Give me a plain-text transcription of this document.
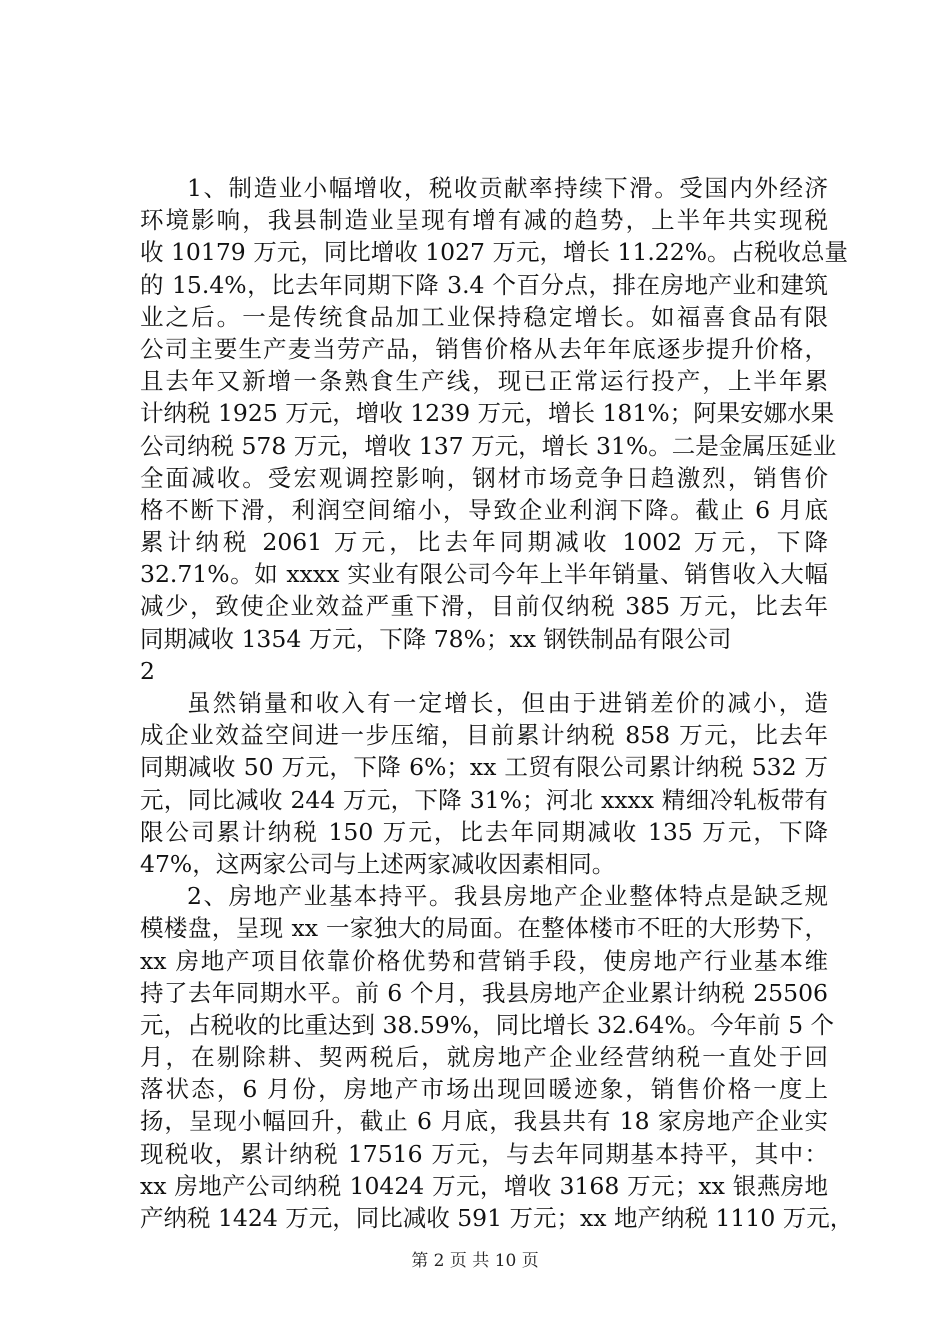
1、制造业小幅增收，税收贡献率持续下滑。受国内外经济
环境影响，我县制造业呈现有增有减的趋势，上半年共实现税
收 10179 万元，同比增收 1027 万元，增长 11.22%。占税收总量
的 15.4%，比去年同期下降 3.4 个百分点，排在房地产业和建筑
业之后。一是传统食品加工业保持稳定增长。如福喜食品有限
公司主要生产麦当劳产品，销售价格从去年年底逐步提升价格，
且去年又新增一条熟食生产线，现已正常运行投产，上半年累
计纳税 1925 万元，增收 1239 万元，增长 181%；阿果安娜水果
公司纳税 578 万元，增收 137 万元，增长 31%。二是金属压延业
全面减收。受宏观调控影响，钢材市场竞争日趋激烈，销售价
格不断下滑，利润空间缩小，导致企业利润下降。截止 6 月底
累计纳税 2061 万元，比去年同期减收 1002 万元，下降
32.71%。如 xxxx 实业有限公司今年上半年销量、销售收入大幅
减少，致使企业效益严重下滑，目前仅纳税 385 万元，比去年
同期减收 1354 万元，下降 78%；xx 钢铁制品有限公司
2
虽然销量和收入有一定增长，但由于进销差价的减小，造
成企业效益空间进一步压缩，目前累计纳税 858 万元，比去年
同期减收 50 万元，下降 6%；xx 工贸有限公司累计纳税 532 万
元，同比减收 244 万元，下降 31%；河北 xxxx 精细冷轧板带有
限公司累计纳税 150 万元，比去年同期减收 135 万元，下降
47%，这两家公司与上述两家减收因素相同。
2、房地产业基本持平。我县房地产企业整体特点是缺乏规
模楼盘，呈现 xx 一家独大的局面。在整体楼市不旺的大形势下，
xx 房地产项目依靠价格优势和营销手段，使房地产行业基本维
持了去年同期水平。前 6 个月，我县房地产企业累计纳税 25506
元，占税收的比重达到 38.59%，同比增长 32.64%。今年前 5 个
月，在剔除耕、契两税后，就房地产企业经营纳税一直处于回
落状态，6 月份，房地产市场出现回暖迹象，销售价格一度上
扬，呈现小幅回升，截止 6 月底，我县共有 18 家房地产企业实
现税收，累计纳税 17516 万元，与去年同期基本持平，其中：
xx 房地产公司纳税 10424 万元，增收 3168 万元；xx 银燕房地
产纳税 1424 万元，同比减收 591 万元；xx 地产纳税 1110 万元，
第 2 页 共 10 页
